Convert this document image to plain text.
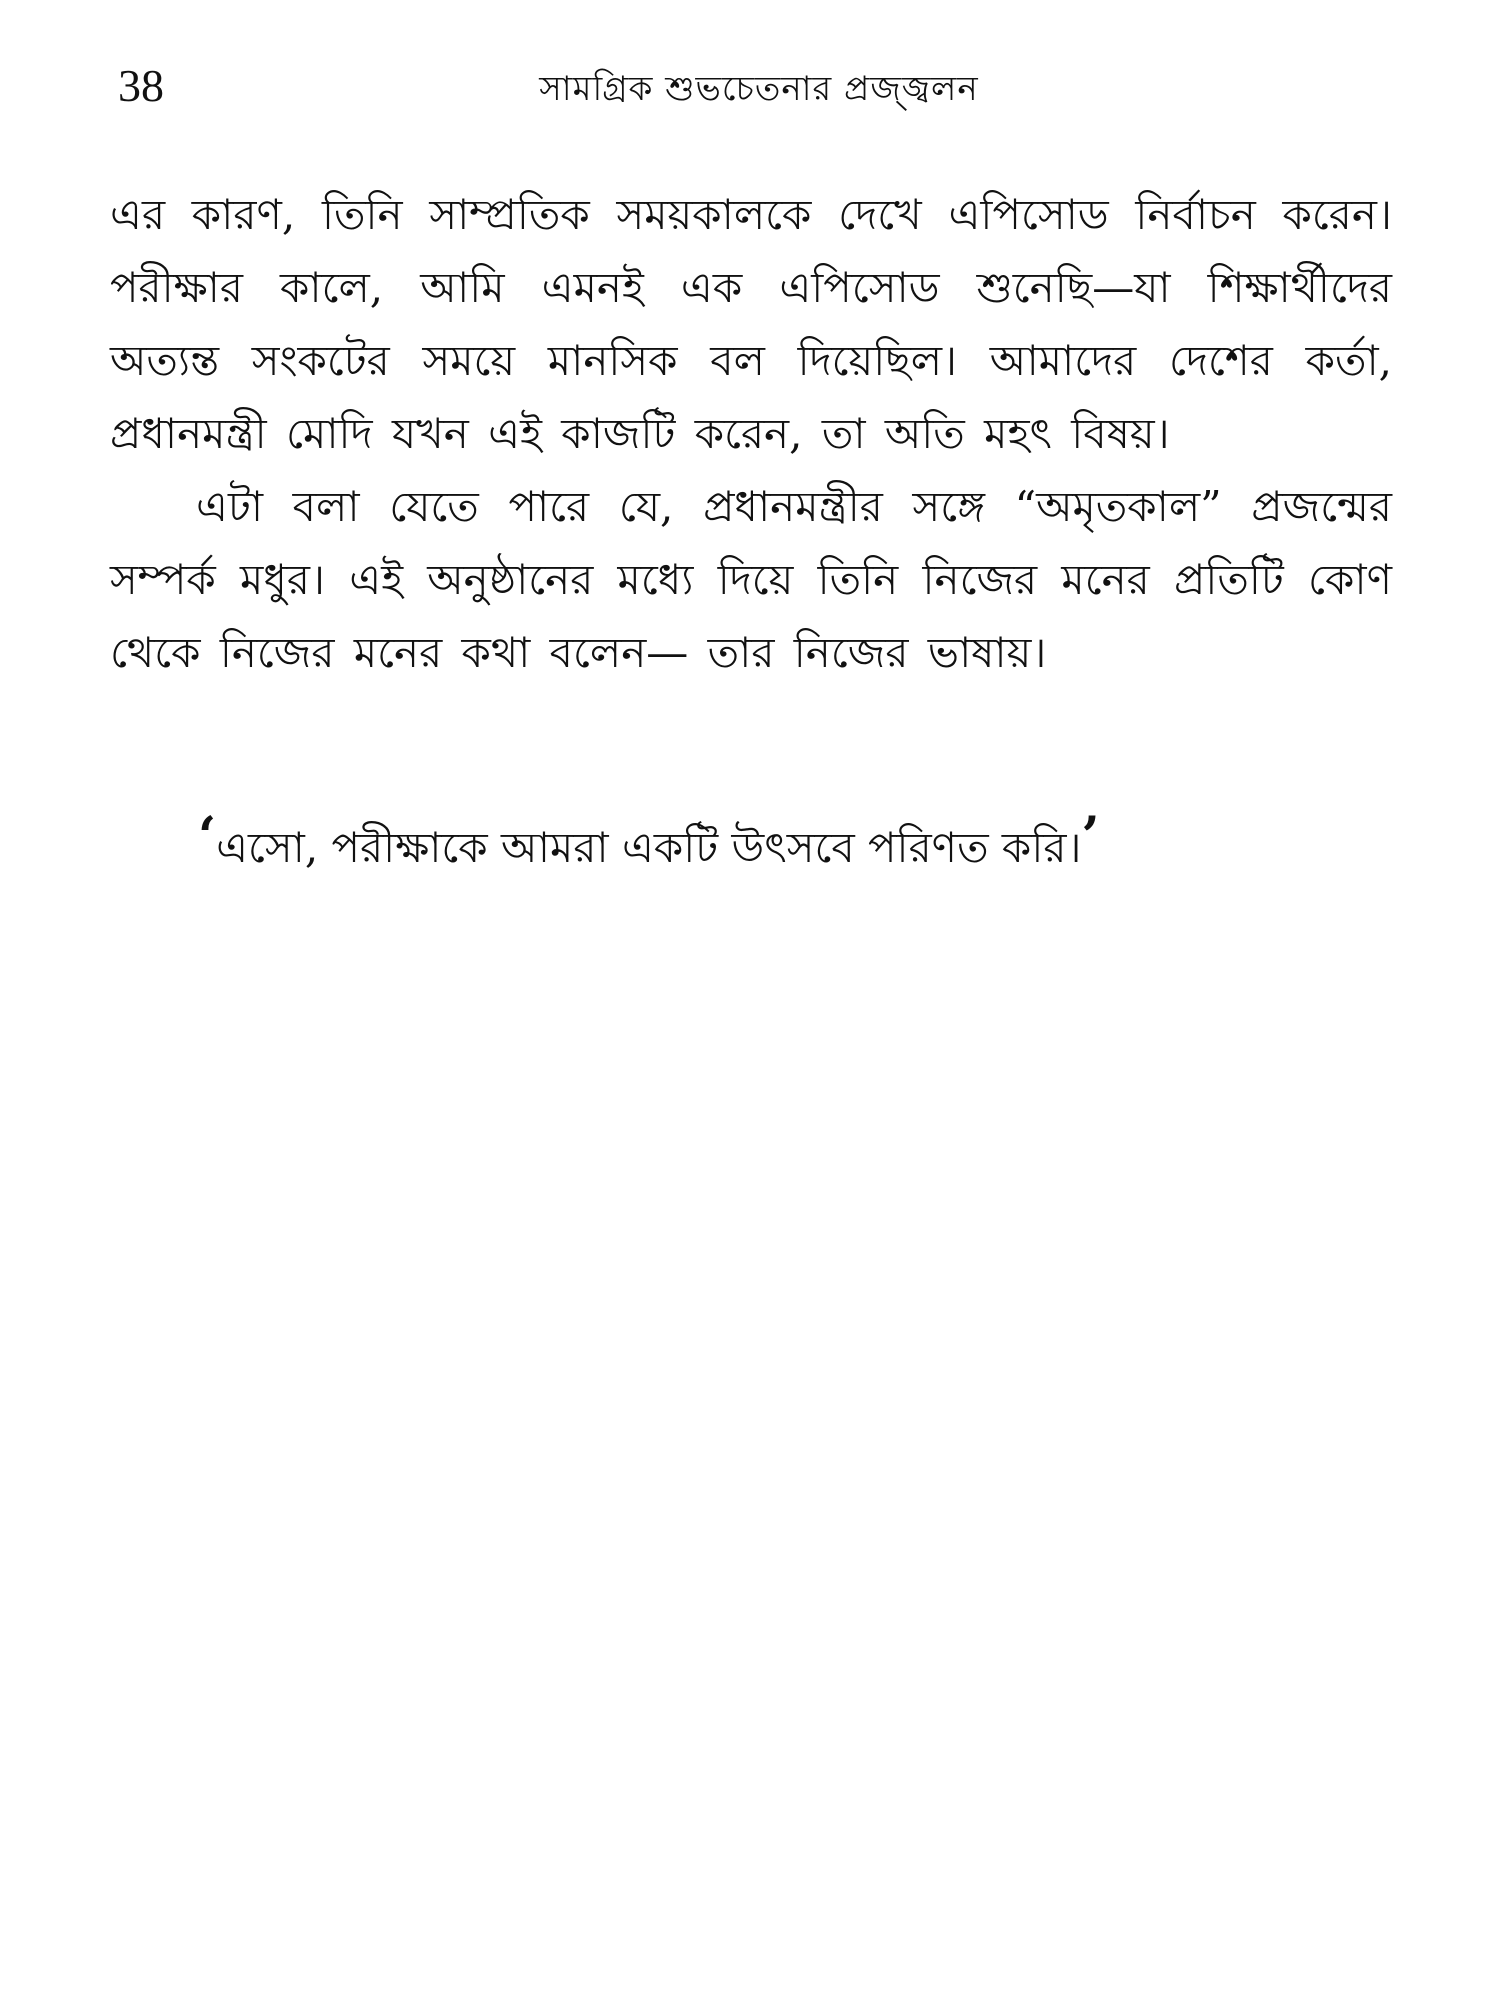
38	সামগ্রিক শুভচেতনার প্রজ্জ্বলন

এর কারণ, তিনি সাম্প্রতিক সময়কালকে দেখে এপিসোড নির্বাচন করেন। পরীক্ষার কালে, আমি এমনই এক এপিসোড শুনেছি—যা শিক্ষার্থীদের অত্যন্ত সংকটের সময়ে মানসিক বল দিয়েছিল। আমাদের দেশের কর্তা, প্রধানমন্ত্রী মোদি যখন এই কাজটি করেন, তা অতি মহৎ বিষয়।

এটা বলা যেতে পারে যে, প্রধানমন্ত্রীর সঙ্গে “অমৃতকাল” প্রজন্মের সম্পর্ক মধুর। এই অনুষ্ঠানের মধ্যে দিয়ে তিনি নিজের মনের প্রতিটি কোণ থেকে নিজের মনের কথা বলেন— তার নিজের ভাষায়।

‘এসো, পরীক্ষাকে আমরা একটি উৎসবে পরিণত করি।’
